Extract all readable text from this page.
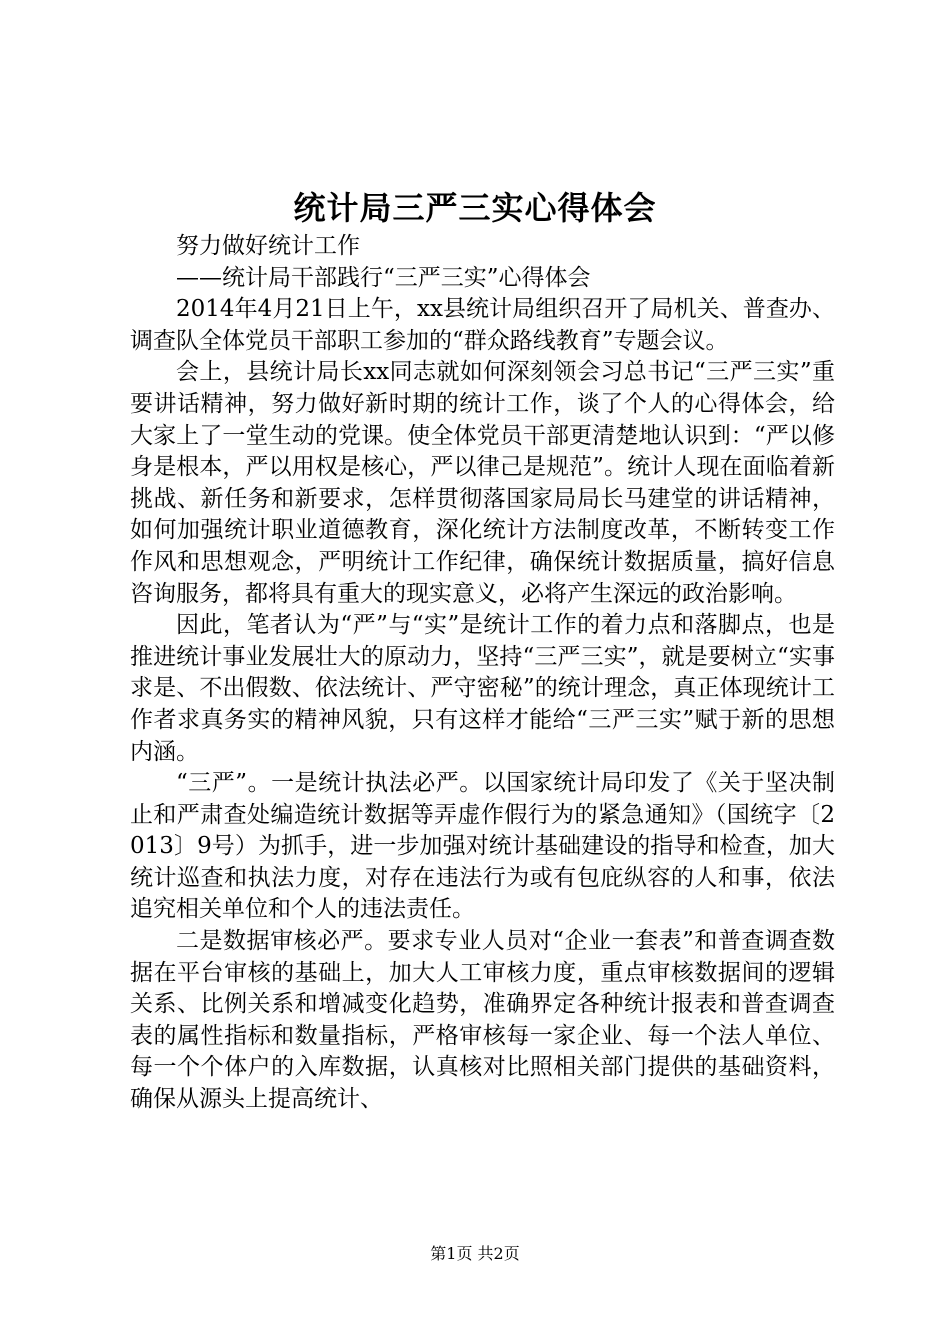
统计局三严三实心得体会

努力做好统计工作

——统计局干部践行“三严三实”心得体会

2014年4月21日上午，xx县统计局组织召开了局机关、普查办、调查队全体党员干部职工参加的“群众路线教育”专题会议。

会上，县统计局长xx同志就如何深刻领会习总书记“三严三实”重要讲话精神，努力做好新时期的统计工作，谈了个人的心得体会，给大家上了一堂生动的党课。使全体党员干部更清楚地认识到：“严以修身是根本，严以用权是核心，严以律己是规范”。统计人现在面临着新挑战、新任务和新要求，怎样贯彻落国家局局长马建堂的讲话精神，如何加强统计职业道德教育，深化统计方法制度改革，不断转变工作作风和思想观念，严明统计工作纪律，确保统计数据质量，搞好信息咨询服务，都将具有重大的现实意义，必将产生深远的政治影响。

因此，笔者认为“严”与“实”是统计工作的着力点和落脚点，也是推进统计事业发展壮大的原动力，坚持“三严三实”，就是要树立“实事求是、不出假数、依法统计、严守密秘”的统计理念，真正体现统计工作者求真务实的精神风貌，只有这样才能给“三严三实”赋于新的思想内涵。

“三严”。一是统计执法必严。以国家统计局印发了《关于坚决制止和严肃查处编造统计数据等弄虚作假行为的紧急通知》（国统字〔2013〕9号）为抓手，进一步加强对统计基础建设的指导和检查，加大统计巡查和执法力度，对存在违法行为或有包庇纵容的人和事，依法追究相关单位和个人的违法责任。

二是数据审核必严。要求专业人员对“企业一套表”和普查调查数据在平台审核的基础上，加大人工审核力度，重点审核数据间的逻辑关系、比例关系和增减变化趋势，准确界定各种统计报表和普查调查表的属性指标和数量指标，严格审核每一家企业、每一个法人单位、每一个个体户的入库数据，认真核对比照相关部门提供的基础资料，确保从源头上提高统计、

第1页 共2页
